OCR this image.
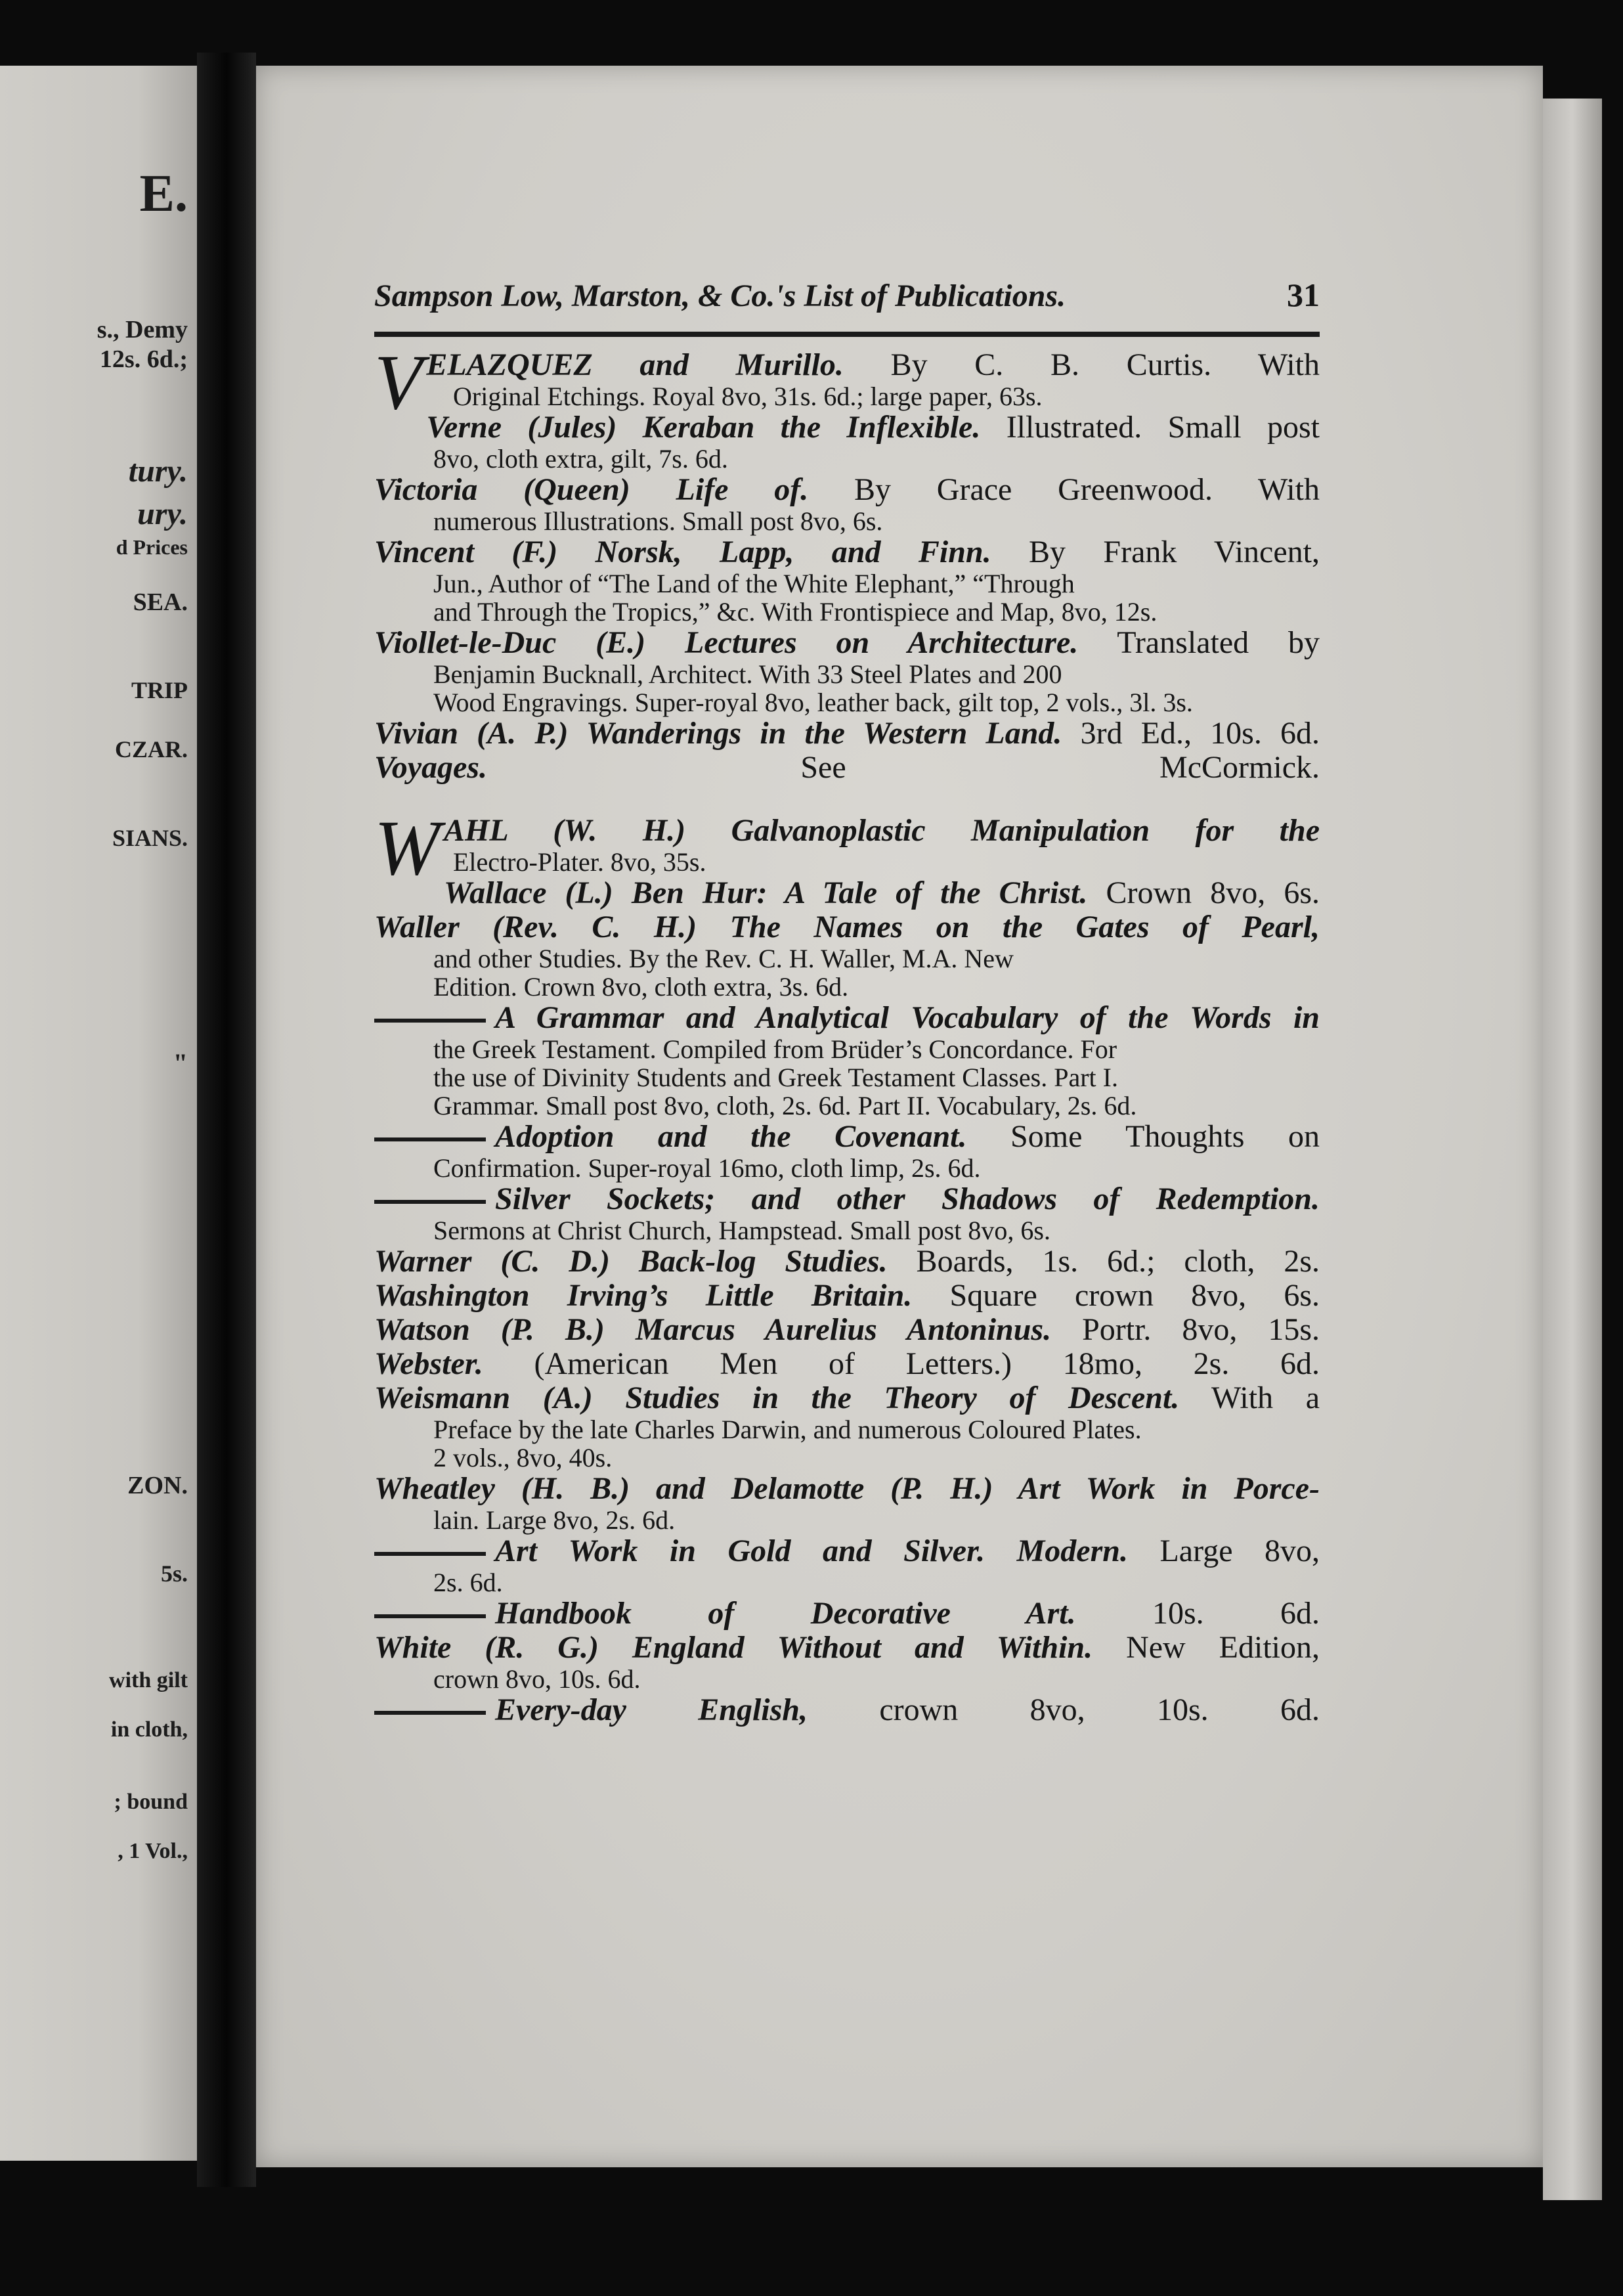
E.
s., Demy
12s. 6d.;
tury.
ury.
d Prices
SEA.
TRIP
CZAR.
SIANS.
"
ZON.
5s.
with gilt
in cloth,
; bound
, 1 Vol.,
Sampson Low, Marston, & Co.'s List of Publications.	31
V ELAZQUEZ and Murillo. By C. B. Curtis. With
Original Etchings. Royal 8vo, 31s. 6d.; large paper, 63s.
Verne (Jules) Keraban the Inflexible. Illustrated. Small post
8vo, cloth extra, gilt, 7s. 6d.
Victoria (Queen) Life of. By Grace Greenwood. With
numerous Illustrations. Small post 8vo, 6s.
Vincent (F.) Norsk, Lapp, and Finn. By Frank Vincent,
Jun., Author of “The Land of the White Elephant,” “Through
and Through the Tropics,” &c. With Frontispiece and Map, 8vo, 12s.
Viollet-le-Duc (E.) Lectures on Architecture. Translated by
Benjamin Bucknall, Architect. With 33 Steel Plates and 200
Wood Engravings. Super-royal 8vo, leather back, gilt top, 2 vols., 3l. 3s.
Vivian (A. P.) Wanderings in the Western Land. 3rd Ed., 10s. 6d.
Voyages. See McCormick.
W AHL (W. H.) Galvanoplastic Manipulation for the
Electro-Plater. 8vo, 35s.
Wallace (L.) Ben Hur: A Tale of the Christ. Crown 8vo, 6s.
Waller (Rev. C. H.) The Names on the Gates of Pearl,
and other Studies. By the Rev. C. H. Waller, M.A. New
Edition. Crown 8vo, cloth extra, 3s. 6d.
A Grammar and Analytical Vocabulary of the Words in
the Greek Testament. Compiled from Brüder’s Concordance. For
the use of Divinity Students and Greek Testament Classes. Part I.
Grammar. Small post 8vo, cloth, 2s. 6d. Part II. Vocabulary, 2s. 6d.
Adoption and the Covenant. Some Thoughts on
Confirmation. Super-royal 16mo, cloth limp, 2s. 6d.
Silver Sockets; and other Shadows of Redemption.
Sermons at Christ Church, Hampstead. Small post 8vo, 6s.
Warner (C. D.) Back-log Studies. Boards, 1s. 6d.; cloth, 2s.
Washington Irving’s Little Britain. Square crown 8vo, 6s.
Watson (P. B.) Marcus Aurelius Antoninus. Portr. 8vo, 15s.
Webster. (American Men of Letters.) 18mo, 2s. 6d.
Weismann (A.) Studies in the Theory of Descent. With a
Preface by the late Charles Darwin, and numerous Coloured Plates.
2 vols., 8vo, 40s.
Wheatley (H. B.) and Delamotte (P. H.) Art Work in Porce-
lain. Large 8vo, 2s. 6d.
Art Work in Gold and Silver. Modern. Large 8vo,
2s. 6d.
Handbook of Decorative Art. 10s. 6d.
White (R. G.) England Without and Within. New Edition,
crown 8vo, 10s. 6d.
Every-day English, crown 8vo, 10s. 6d.
